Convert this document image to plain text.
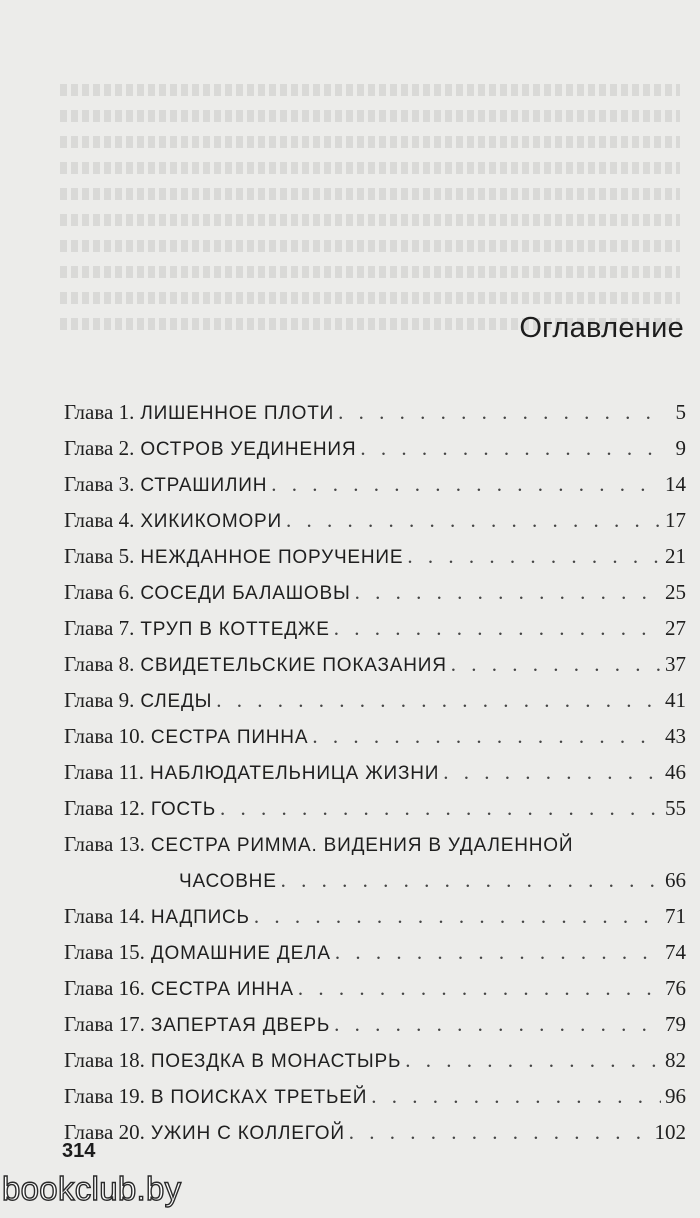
Оглавление
Глава 1. ЛИШЕННОЕ ПЛОТИ . . .	5
Глава 2. ОСТРОВ УЕДИНЕНИЯ . . .	9
Глава 3. СТРАШИЛИН . . .	14
Глава 4. ХИКИКОМОРИ . . .	17
Глава 5. НЕЖДАННОЕ ПОРУЧЕНИЕ . . .	21
Глава 6. СОСЕДИ БАЛАШОВЫ . . .	25
Глава 7. ТРУП В КОТТЕДЖЕ . . .	27
Глава 8. СВИДЕТЕЛЬСКИЕ ПОКАЗАНИЯ . . .	37
Глава 9. СЛЕДЫ . . .	41
Глава 10. СЕСТРА ПИННА . . .	43
Глава 11. НАБЛЮДАТЕЛЬНИЦА ЖИЗНИ . . .	46
Глава 12. ГОСТЬ . . .	55
Глава 13. СЕСТРА РИММА. ВИДЕНИЯ В УДАЛЕННОЙ
ЧАСОВНЕ . . .	66
Глава 14. НАДПИСЬ . . .	71
Глава 15. ДОМАШНИЕ ДЕЛА . . .	74
Глава 16. СЕСТРА ИННА . . .	76
Глава 17. ЗАПЕРТАЯ ДВЕРЬ . . .	79
Глава 18. ПОЕЗДКА В МОНАСТЫРЬ . . .	82
Глава 19. В ПОИСКАХ ТРЕТЬЕЙ . . .	96
Глава 20. УЖИН С КОЛЛЕГОЙ . . .	102
314
bookclub.by
